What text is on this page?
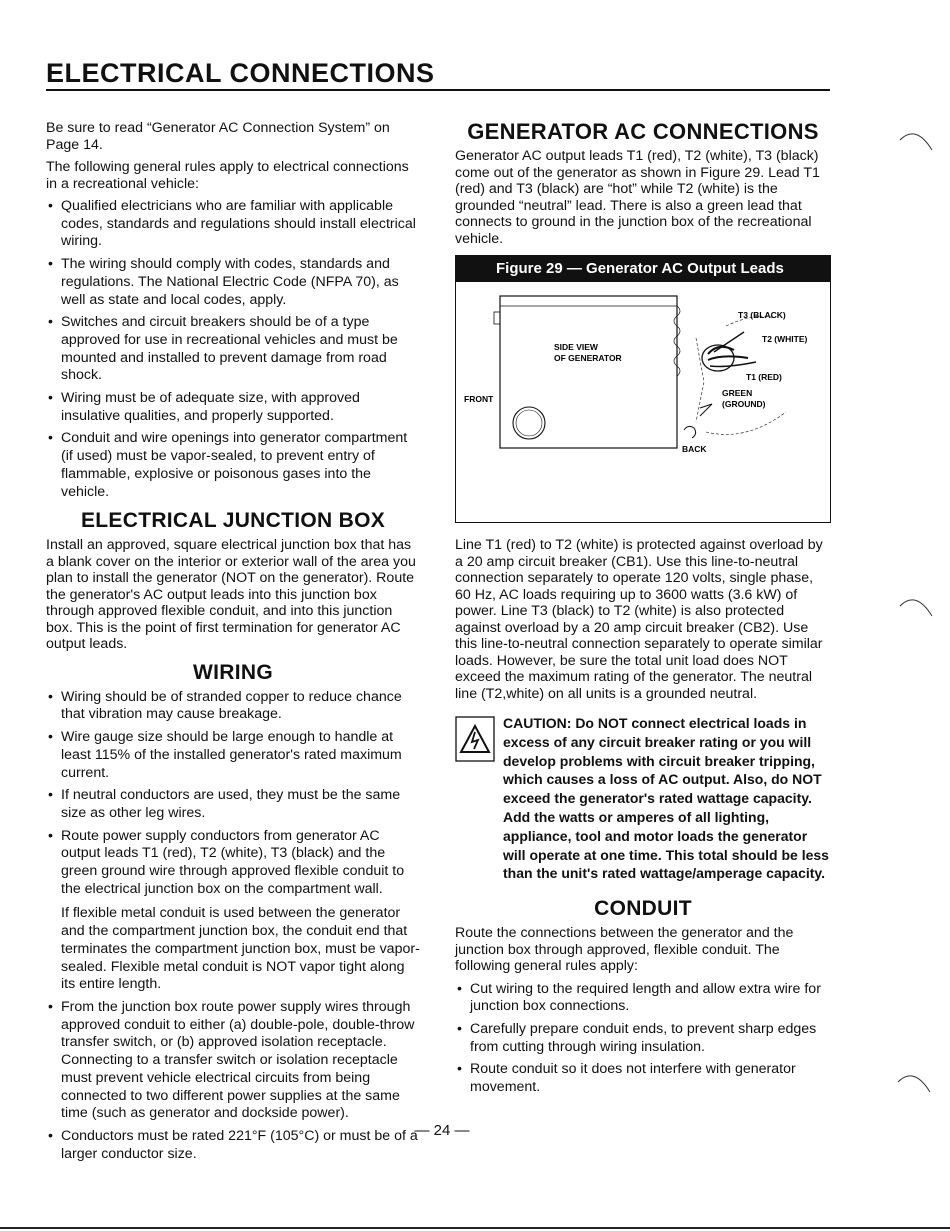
ELECTRICAL CONNECTIONS

Be sure to read “Generator AC Connection System” on Page 14.

The following general rules apply to electrical connections in a recreational vehicle:

• Qualified electricians who are familiar with applicable codes, standards and regulations should install electrical wiring.
• The wiring should comply with codes, standards and regulations. The National Electric Code (NFPA 70), as well as state and local codes, apply.
• Switches and circuit breakers should be of a type approved for use in recreational vehicles and must be mounted and installed to prevent damage from road shock.
• Wiring must be of adequate size, with approved insulative qualities, and properly supported.
• Conduit and wire openings into generator compartment (if used) must be vapor-sealed, to prevent entry of flammable, explosive or poisonous gases into the vehicle.
ELECTRICAL JUNCTION BOX

Install an approved, square electrical junction box that has a blank cover on the interior or exterior wall of the area you plan to install the generator (NOT on the generator). Route the generator's AC output leads into this junction box through approved flexible conduit, and into this junction box. This is the point of first termination for generator AC output leads.

WIRING
• Wiring should be of stranded copper to reduce chance that vibration may cause breakage.
• Wire gauge size should be large enough to handle at least 115% of the installed generator's rated maximum current.
• If neutral conductors are used, they must be the same size as other leg wires.
• Route power supply conductors from generator AC output leads T1 (red), T2 (white), T3 (black) and the green ground wire through approved flexible conduit to the electrical junction box on the compartment wall.
If flexible metal conduit is used between the generator and the compartment junction box, the conduit end that terminates the compartment junction box, must be vapor-sealed. Flexible metal conduit is NOT vapor tight along its entire length.
• From the junction box route power supply wires through approved conduit to either (a) double-pole, double-throw transfer switch, or (b) approved isolation receptacle. Connecting to a transfer switch or isolation receptacle must prevent vehicle electrical circuits from being connected to two different power supplies at the same time (such as generator and dockside power).
• Conductors must be rated 221°F (105°C) or must be of a larger conductor size.
GENERATOR AC CONNECTIONS

Generator AC output leads T1 (red), T2 (white), T3 (black) come out of the generator as shown in Figure 29. Lead T1 (red) and T3 (black) are “hot” while T2 (white) is the grounded “neutral” lead. There is also a green lead that connects to ground in the junction box of the recreational vehicle.

Figure 29 — Generator AC Output Leads
SIDE VIEW
OF GENERATOR
FRONT
BACK
T3 (BLACK)
T2 (WHITE)
T1 (RED)
GREEN
(GROUND)

Line T1 (red) to T2 (white) is protected against overload by a 20 amp circuit breaker (CB1). Use this line-to-neutral connection separately to operate 120 volts, single phase, 60 Hz, AC loads requiring up to 3600 watts (3.6 kW) of power. Line T3 (black) to T2 (white) is also protected against overload by a 20 amp circuit breaker (CB2). Use this line-to-neutral connection separately to operate similar loads. However, be sure the total unit load does NOT exceed the maximum rating of the generator. The neutral line (T2,white) on all units is a grounded neutral.

CAUTION: Do NOT connect electrical loads in excess of any circuit breaker rating or you will develop problems with circuit breaker tripping, which causes a loss of AC output. Also, do NOT exceed the generator's rated wattage capacity. Add the watts or amperes of all lighting, appliance, tool and motor loads the generator will operate at one time. This total should be less than the unit's rated wattage/amperage capacity.
CONDUIT

Route the connections between the generator and the junction box through approved, flexible conduit. The following general rules apply:

• Cut wiring to the required length and allow extra wire for junction box connections.
• Carefully prepare conduit ends, to prevent sharp edges from cutting through wiring insulation.
• Route conduit so it does not interfere with generator movement.
— 24 —
